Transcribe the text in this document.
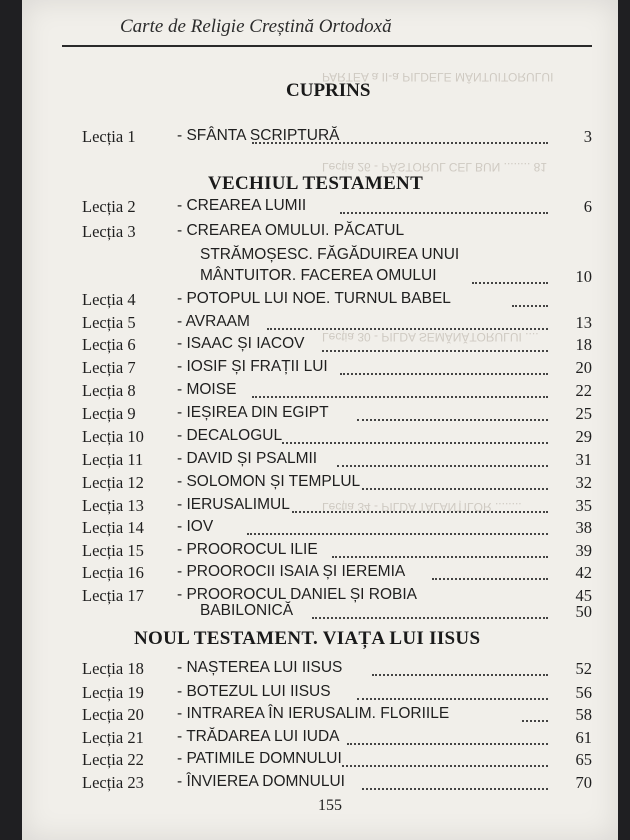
PARTEA a II-a PILDELE MÂNTUITORULUI
Lecția 26 - PĂSTORUL CEL BUN ........ 81
Lecția 30 - PILDA SEMĂNĂTORULUI ....
Lecția 34 - PILDA TALANȚILOR ........
Carte de Religie Creștină Ortodoxă
CUPRINS
VECHIUL TESTAMENT
NOUL TESTAMENT. VIAȚA LUI IISUS
Lecția 1	- SFÂNTA SCRIPTURĂ	3
Lecția 2	- CREAREA LUMII	6
Lecția 3	- CREAREA OMULUI. PĂCATUL
STRĂMOȘESC. FĂGĂDUIREA UNUI
MÂNTUITOR. FACEREA OMULUI	10
Lecția 4	- POTOPUL LUI NOE. TURNUL BABEL
Lecția 5	- AVRAAM	13
Lecția 6	- ISAAC ȘI IACOV	18
Lecția 7	- IOSIF ȘI FRAȚII LUI	20
Lecția 8	- MOISE	22
Lecția 9	- IEȘIREA DIN EGIPT	25
Lecția 10 - DECALOGUL	29
Lecția 11 - DAVID ȘI PSALMII	31
Lecția 12 - SOLOMON ȘI TEMPLUL	32
Lecția 13 - IERUSALIMUL	35
Lecția 14 - IOV	38
Lecția 15 - PROOROCUL ILIE	39
Lecția 16 - PROOROCII ISAIA ȘI IEREMIA	42
Lecția 17 - PROOROCUL DANIEL ȘI ROBIA	45
BABILONICĂ	50
Lecția 18 - NAȘTEREA LUI IISUS	52
Lecția 19 - BOTEZUL LUI IISUS	56
Lecția 20 - INTRAREA ÎN IERUSALIM. FLORIILE	58
Lecția 21 - TRĂDAREA LUI IUDA	61
Lecția 22 - PATIMILE DOMNULUI	65
Lecția 23 - ÎNVIEREA DOMNULUI	70
155
